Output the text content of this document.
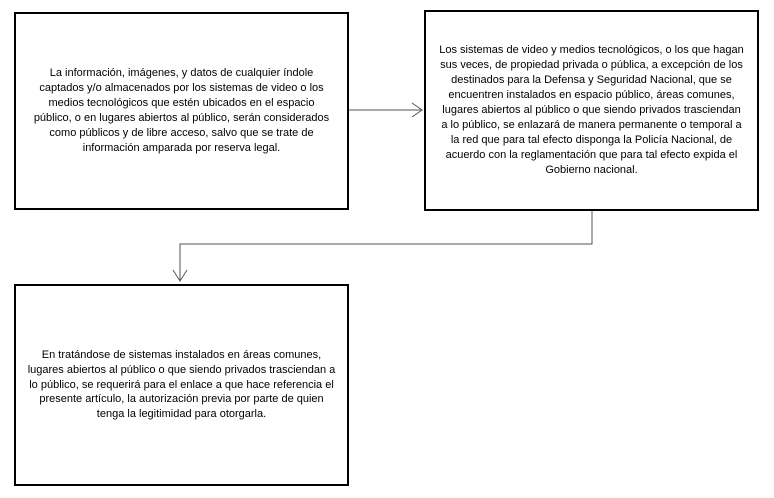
La información, imágenes, y datos de cualquier índole captados y/o almacenados por los sistemas de video o los medios tecnológicos que estén ubicados en el espacio público, o en lugares abiertos al público, serán considerados como públicos y de libre acceso, salvo que se trate de información amparada por reserva legal.

Los sistemas de video y medios tecnológicos, o los que hagan sus veces, de propiedad privada o pública, a excepción de los destinados para la Defensa y Seguridad Nacional, que se encuentren instalados en espacio público, áreas comunes, lugares abiertos al público o que siendo privados trasciendan a lo público, se enlazará de manera permanente o temporal a la red que para tal efecto disponga la Policía Nacional, de acuerdo con la reglamentación que para tal efecto expida el Gobierno nacional.

En tratándose de sistemas instalados en áreas comunes, lugares abiertos al público o que siendo privados trasciendan a lo público, se requerirá para el enlace a que hace referencia el presente artículo, la autorización previa por parte de quien tenga la legitimidad para otorgarla.
